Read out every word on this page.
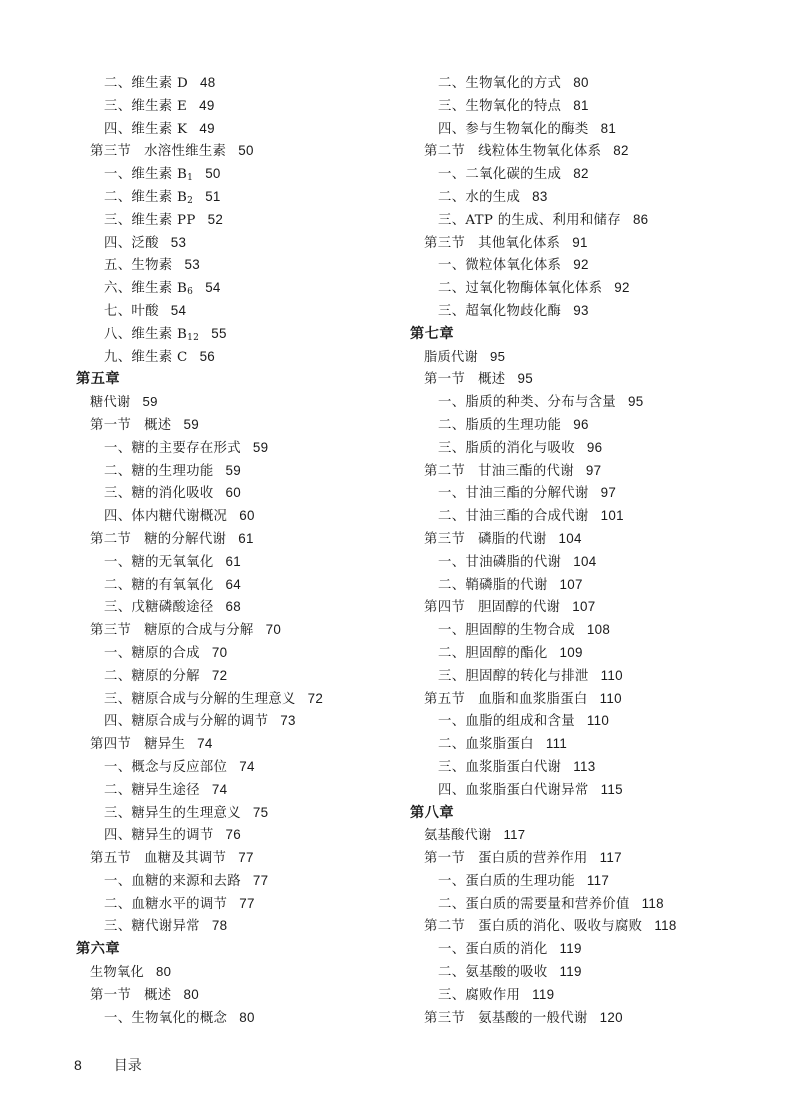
二、维生素 D 48
三、维生素 E 49
四、维生素 K 49
第三节 水溶性维生素 50
一、维生素 $B_1$ 50
二、维生素 $B_2$ 51
三、维生素 PP 52
四、泛酸 53
五、生物素 53
六、维生素 $B_6$ 54
七、叶酸 54
八、维生素 $B_{12}$ 55
九、维生素 C 56
第五章
糖代谢 59
第一节 概述 59
一、糖的主要存在形式 59
二、糖的生理功能 59
三、糖的消化吸收 60
四、体内糖代谢概况 60
第二节 糖的分解代谢 61
一、糖的无氧氧化 61
二、糖的有氧氧化 64
三、戊糖磷酸途径 68
第三节 糖原的合成与分解 70
一、糖原的合成 70
二、糖原的分解 72
三、糖原合成与分解的生理意义 72
四、糖原合成与分解的调节 73
第四节 糖异生 74
一、概念与反应部位 74
二、糖异生途径 74
三、糖异生的生理意义 75
四、糖异生的调节 76
第五节 血糖及其调节 77
一、血糖的来源和去路 77
二、血糖水平的调节 77
三、糖代谢异常 78
第六章
生物氧化 80
第一节 概述 80
一、生物氧化的概念 80
二、生物氧化的方式 80
三、生物氧化的特点 81
四、参与生物氧化的酶类 81
第二节 线粒体生物氧化体系 82
一、二氧化碳的生成 82
二、水的生成 83
三、ATP 的生成、利用和储存 86
第三节 其他氧化体系 91
一、微粒体氧化体系 92
二、过氧化物酶体氧化体系 92
三、超氧化物歧化酶 93
第七章
脂质代谢 95
第一节 概述 95
一、脂质的种类、分布与含量 95
二、脂质的生理功能 96
三、脂质的消化与吸收 96
第二节 甘油三酯的代谢 97
一、甘油三酯的分解代谢 97
二、甘油三酯的合成代谢 101
第三节 磷脂的代谢 104
一、甘油磷脂的代谢 104
二、鞘磷脂的代谢 107
第四节 胆固醇的代谢 107
一、胆固醇的生物合成 108
二、胆固醇的酯化 109
三、胆固醇的转化与排泄 110
第五节 血脂和血浆脂蛋白 110
一、血脂的组成和含量 110
二、血浆脂蛋白 111
三、血浆脂蛋白代谢 113
四、血浆脂蛋白代谢异常 115
第八章
氨基酸代谢 117
第一节 蛋白质的营养作用 117
一、蛋白质的生理功能 117
二、蛋白质的需要量和营养价值 118
第二节 蛋白质的消化、吸收与腐败 118
一、蛋白质的消化 119
二、氨基酸的吸收 119
三、腐败作用 119
第三节 氨基酸的一般代谢 120
8 目录
